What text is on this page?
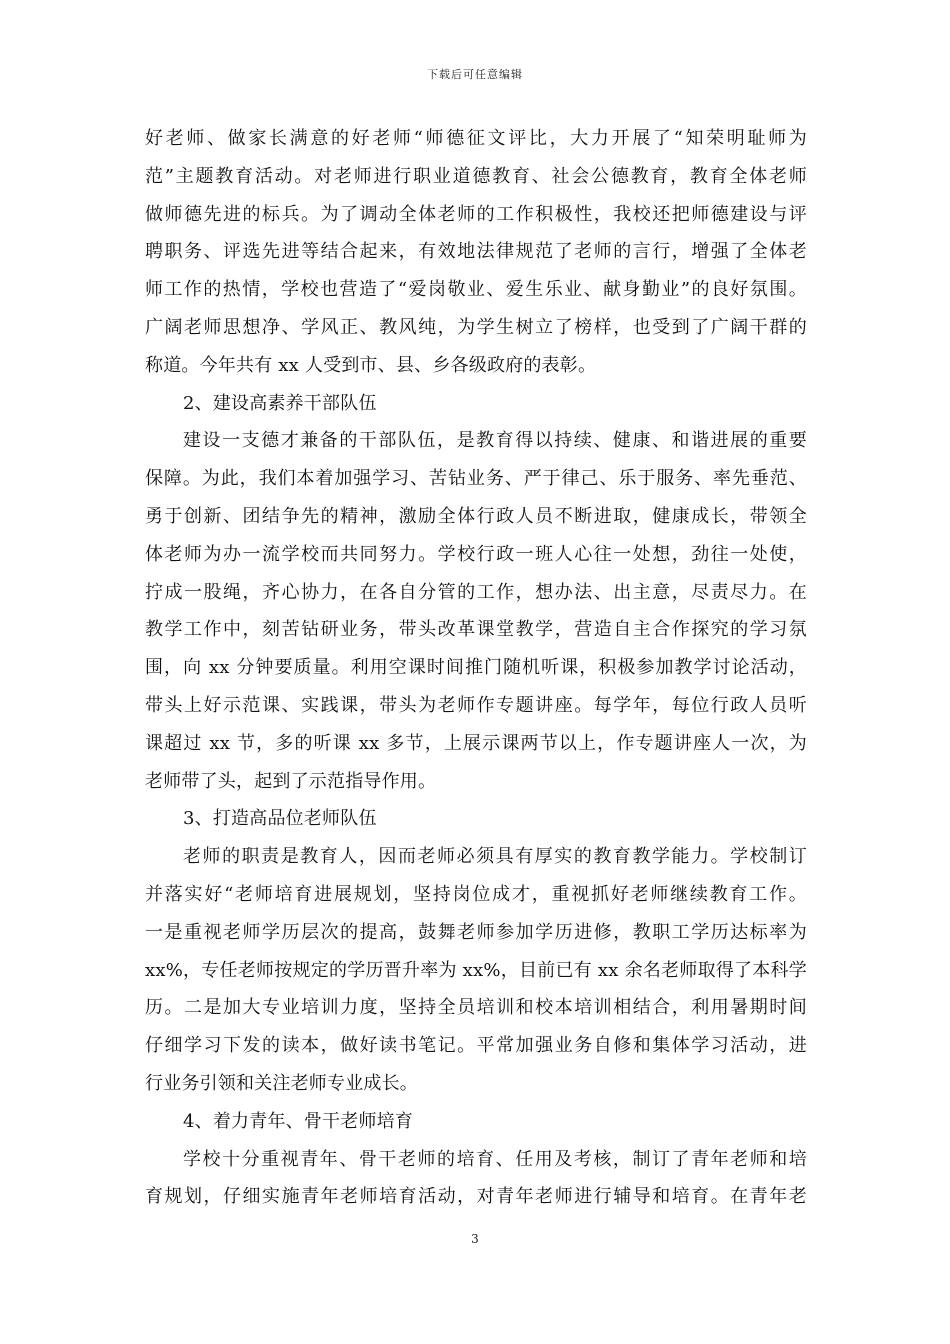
下载后可任意编辑
好老师、做家长满意的好老师“师德征文评比，大力开展了“知荣明耻师为
范”主题教育活动。对老师进行职业道德教育、社会公德教育，教育全体老师
做师德先进的标兵。为了调动全体老师的工作积极性，我校还把师德建设与评
聘职务、评选先进等结合起来，有效地法律规范了老师的言行，增强了全体老
师工作的热情，学校也营造了“爱岗敬业、爱生乐业、献身勤业”的良好氛围。
广阔老师思想净、学风正、教风纯，为学生树立了榜样，也受到了广阔干群的
称道。今年共有 xx 人受到市、县、乡各级政府的表彰。
2、建设高素养干部队伍
建设一支德才兼备的干部队伍，是教育得以持续、健康、和谐进展的重要
保障。为此，我们本着加强学习、苦钻业务、严于律己、乐于服务、率先垂范、
勇于创新、团结争先的精神，激励全体行政人员不断进取，健康成长，带领全
体老师为办一流学校而共同努力。学校行政一班人心往一处想，劲往一处使，
拧成一股绳，齐心协力，在各自分管的工作，想办法、出主意，尽责尽力。在
教学工作中，刻苦钻研业务，带头改革课堂教学，营造自主合作探究的学习氛
围，向 xx 分钟要质量。利用空课时间推门随机听课，积极参加教学讨论活动，
带头上好示范课、实践课，带头为老师作专题讲座。每学年，每位行政人员听
课超过 xx 节，多的听课 xx 多节，上展示课两节以上，作专题讲座人一次，为
老师带了头，起到了示范指导作用。
3、打造高品位老师队伍
老师的职责是教育人，因而老师必须具有厚实的教育教学能力。学校制订
并落实好“老师培育进展规划，坚持岗位成才，重视抓好老师继续教育工作。
一是重视老师学历层次的提高，鼓舞老师参加学历进修，教职工学历达标率为
xx%，专任老师按规定的学历晋升率为 xx%，目前已有 xx 余名老师取得了本科学
历。二是加大专业培训力度，坚持全员培训和校本培训相结合，利用暑期时间
仔细学习下发的读本，做好读书笔记。平常加强业务自修和集体学习活动，进
行业务引领和关注老师专业成长。
4、着力青年、骨干老师培育
学校十分重视青年、骨干老师的培育、任用及考核，制订了青年老师和培
育规划，仔细实施青年老师培育活动，对青年老师进行辅导和培育。在青年老
3
